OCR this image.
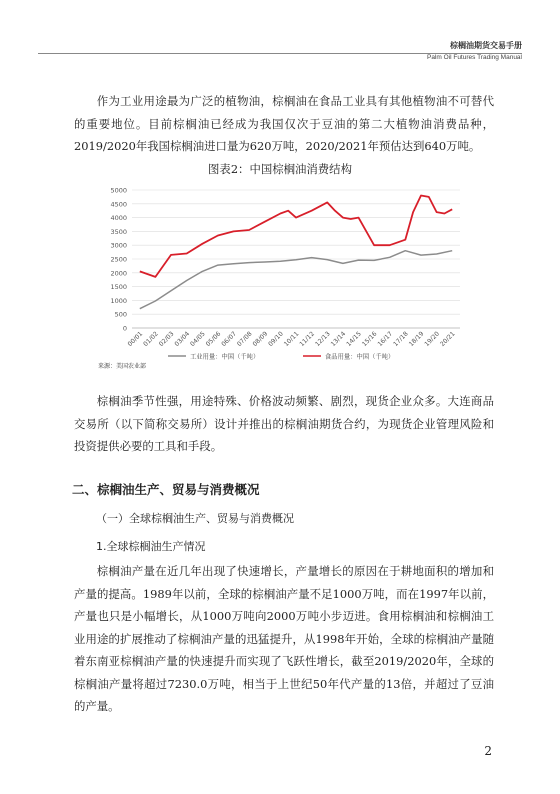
棕榈油期货交易手册
Palm Oil Futures Trading Manual

作为工业用途最为广泛的植物油，棕榈油在食品工业具有其他植物油不可替代的重要地位。目前棕榈油已经成为我国仅次于豆油的第二大植物油消费品种，2019/2020年我国棕榈油进口量为620万吨，2020/2021年预估达到640万吨。

图表2：中国棕榈油消费结构
0
500
1000
1500
2000
2500
3000
3500
4000
4500
5000
00/01
01/02
02/03
03/04
04/05
05/06
06/07
07/08
08/09
09/10
10/11
11/12
12/13
13/14
14/15
15/16
16/17
17/18
18/19
19/20
20/21
工业用量：中国（千吨）	食品用量：中国（千吨）
来源：美国农业部

棕榈油季节性强，用途特殊、价格波动频繁、剧烈，现货企业众多。大连商品交易所（以下简称交易所）设计并推出的棕榈油期货合约，为现货企业管理风险和投资提供必要的工具和手段。

二、棕榈油生产、贸易与消费概况
（一）全球棕榈油生产、贸易与消费概况
1.全球棕榈油生产情况

棕榈油产量在近几年出现了快速增长，产量增长的原因在于耕地面积的增加和产量的提高。1989年以前，全球的棕榈油产量不足1000万吨，而在1997年以前，产量也只是小幅增长，从1000万吨向2000万吨小步迈进。食用棕榈油和棕榈油工业用途的扩展推动了棕榈油产量的迅猛提升，从1998年开始，全球的棕榈油产量随着东南亚棕榈油产量的快速提升而实现了飞跃性增长，截至2019/2020年，全球的棕榈油产量将超过7230.0万吨，相当于上世纪50年代产量的13倍，并超过了豆油的产量。

2
